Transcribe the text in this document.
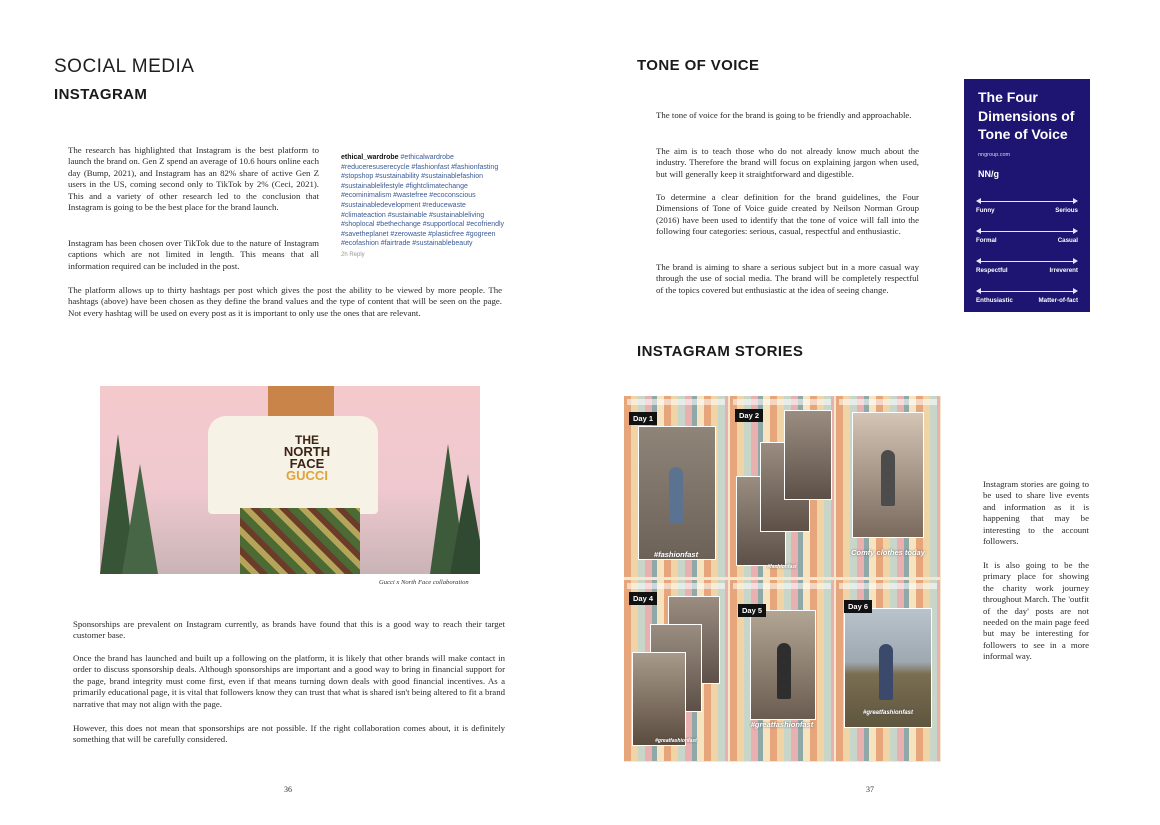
SOCIAL MEDIA
INSTAGRAM

The research has highlighted that Instagram is the best platform to launch the brand on. Gen Z spend an average of 10.6 hours online each day (Bump, 2021), and Instagram has an 82% share of active Gen Z users in the US, coming second only to TikTok by 2% (Ceci, 2021). This and a variety of other research led to the conclusion that Instagram is going to be the best place for the brand launch.

Instagram has been chosen over TikTok due to the nature of Instagram captions which are not limited in length. This means that all information required can be included in the post.

ethical_wardrobe #ethicalwardrobe #reduceresuserecycle #fashionfast #fashionfasting #stopshop #sustainability #sustainablefashion #sustainablelifestyle #fightclimatechange #ecominimalism #wastefree #ecoconscious #sustainabledevelopment #reducewaste #climateaction #sustainable #sustainableliving #shoplocal #bethechange #supportlocal #ecofriendly #savetheplanet #zerowaste #plasticfree #gogreen #ecofashion #fairtrade #sustainablebeauty
2h Reply

The platform allows up to thirty hashtags per post which gives the post the ability to be viewed by more people. The hashtags (above) have been chosen as they define the brand values and the type of content that will be seen on the page. Not every hashtag will be used on every post as it is important to only use the ones that are relevant.

THE
NORTH
FACE
GUCCI
Gucci x North Face collaboration

Sponsorships are prevalent on Instagram currently, as brands have found that this is a good way to reach their target customer base.

Once the brand has launched and built up a following on the platform, it is likely that other brands will make contact in order to discuss sponsorship deals. Although sponsorships are important and a good way to bring in financial support for the page, brand integrity must come first, even if that means turning down deals with good financial incentives. As a primarily educational page, it is vital that followers know they can trust that what is shared isn't being altered to fit a brand narrative that may not align with the page.

However, this does not mean that sponsorships are not possible. If the right collaboration comes about, it is definitely something that will be carefully considered.

36
TONE OF VOICE

The tone of voice for the brand is going to be friendly and approachable.

The aim is to teach those who do not already know much about the industry. Therefore the brand will focus on explaining jargon when used, but will generally keep it straightforward and digestible.

To determine a clear definition for the brand guidelines, the Four Dimensions of Tone of Voice guide created by Neilson Norman Group (2016) have been used to identify that the tone of voice will fall into the following four categories: serious, casual, respectful and enthusiastic.

The brand is aiming to share a serious subject but in a more casual way through the use of social media. The brand will be completely respectful of the topics covered but enthusiastic at the idea of seeing change.

The Four
Dimensions of
Tone of Voice
nngroup.com
NN/g
Funny	Serious
Formal	Casual
Respectful	Irreverent
Enthusiastic	Matter-of-fact
INSTAGRAM STORIES
Day 1
#fashionfast
Day 2
#fashionfast
Comfy clothes today
Day 4
#greatfashionfast
Day 5
#greatfashionfast
Day 6
#greatfashionfast

Instagram stories are going to be used to share live events and information as it is happening that may be interesting to the account followers.

It is also going to be the primary place for showing the charity work journey throughout March. The 'outfit of the day' posts are not needed on the main page feed but may be interesting for followers to see in a more informal way.

37
